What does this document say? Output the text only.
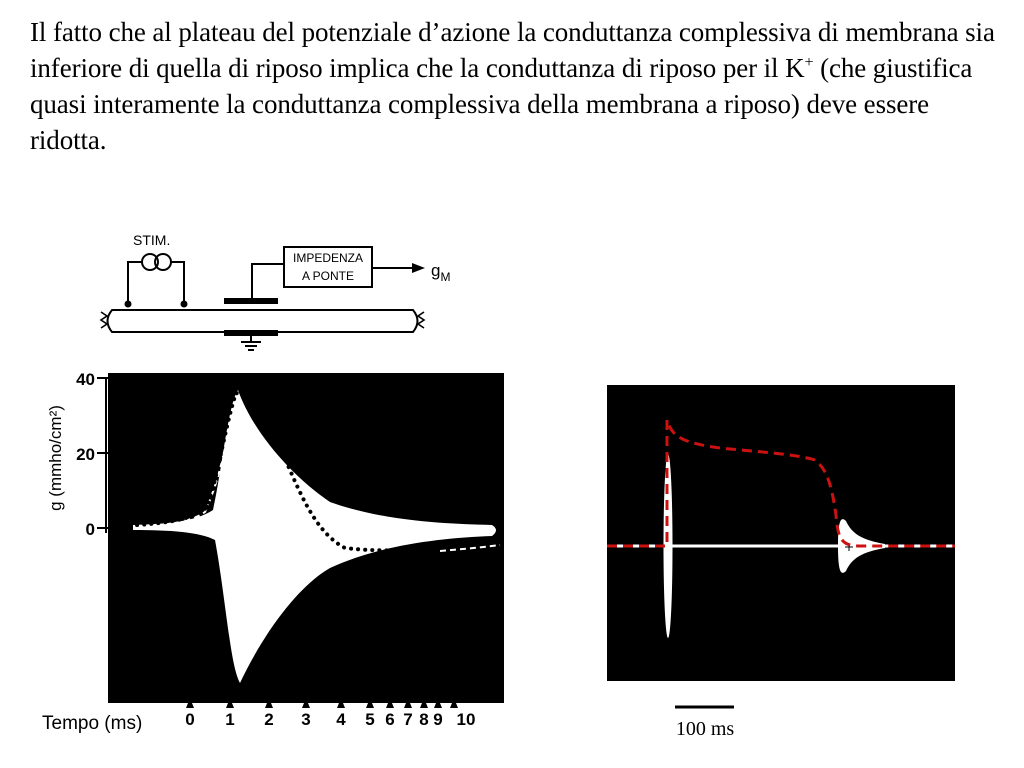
Il fatto che al plateau del potenziale d’azione la conduttanza complessiva di membrana sia inferiore di quella di riposo implica che la conduttanza di riposo per il K+ (che giustifica quasi interamente la conduttanza complessiva della membrana a riposo) deve essere ridotta.
STIM.
IMPEDENZA
A PONTE	$g_M$
40
20
0
g (mmho/cm²)
Tempo (ms)	0 1 2 3 4 5 6 7 8 9 10	100 ms
